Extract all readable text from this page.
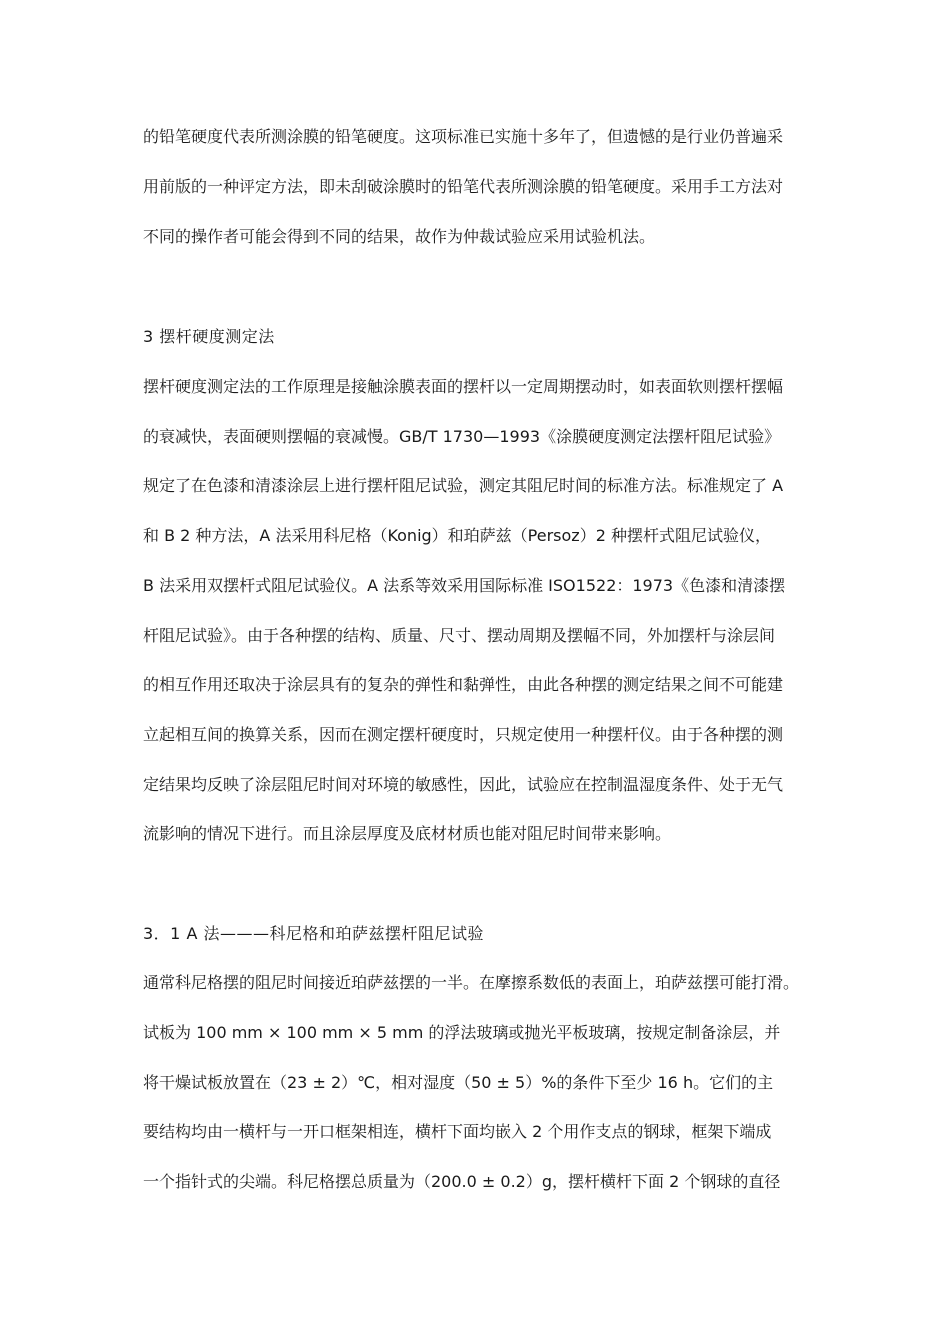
的铅笔硬度代表所测涂膜的铅笔硬度。这项标准已实施十多年了，但遗憾的是行业仍普遍采
用前版的一种评定方法，即未刮破涂膜时的铅笔代表所测涂膜的铅笔硬度。采用手工方法对
不同的操作者可能会得到不同的结果，故作为仲裁试验应采用试验机法。
3 摆杆硬度测定法
摆杆硬度测定法的工作原理是接触涂膜表面的摆杆以一定周期摆动时，如表面软则摆杆摆幅
的衰减快，表面硬则摆幅的衰减慢。GB/T 1730—1993《涂膜硬度测定法摆杆阻尼试验》
规定了在色漆和清漆涂层上进行摆杆阻尼试验，测定其阻尼时间的标准方法。标准规定了 A
和 B 2 种方法，A 法采用科尼格（Konig）和珀萨兹（Persoz）2 种摆杆式阻尼试验仪，
B 法采用双摆杆式阻尼试验仪。A 法系等效采用国际标准 ISO1522：1973《色漆和清漆摆
杆阻尼试验》。由于各种摆的结构、质量、尺寸、摆动周期及摆幅不同，外加摆杆与涂层间
的相互作用还取决于涂层具有的复杂的弹性和黏弹性，由此各种摆的测定结果之间不可能建
立起相互间的换算关系，因而在测定摆杆硬度时，只规定使用一种摆杆仪。由于各种摆的测
定结果均反映了涂层阻尼时间对环境的敏感性，因此，试验应在控制温湿度条件、处于无气
流影响的情况下进行。而且涂层厚度及底材材质也能对阻尼时间带来影响。
3．1 A 法———科尼格和珀萨兹摆杆阻尼试验
通常科尼格摆的阻尼时间接近珀萨兹摆的一半。在摩擦系数低的表面上，珀萨兹摆可能打滑。
试板为 100 mm × 100 mm × 5 mm 的浮法玻璃或抛光平板玻璃，按规定制备涂层，并
将干燥试板放置在（23 ± 2）℃，相对湿度（50 ± 5）%的条件下至少 16 h。它们的主
要结构均由一横杆与一开口框架相连，横杆下面均嵌入 2 个用作支点的钢球，框架下端成
一个指针式的尖端。科尼格摆总质量为（200.0 ± 0.2）g，摆杆横杆下面 2 个钢球的直径
